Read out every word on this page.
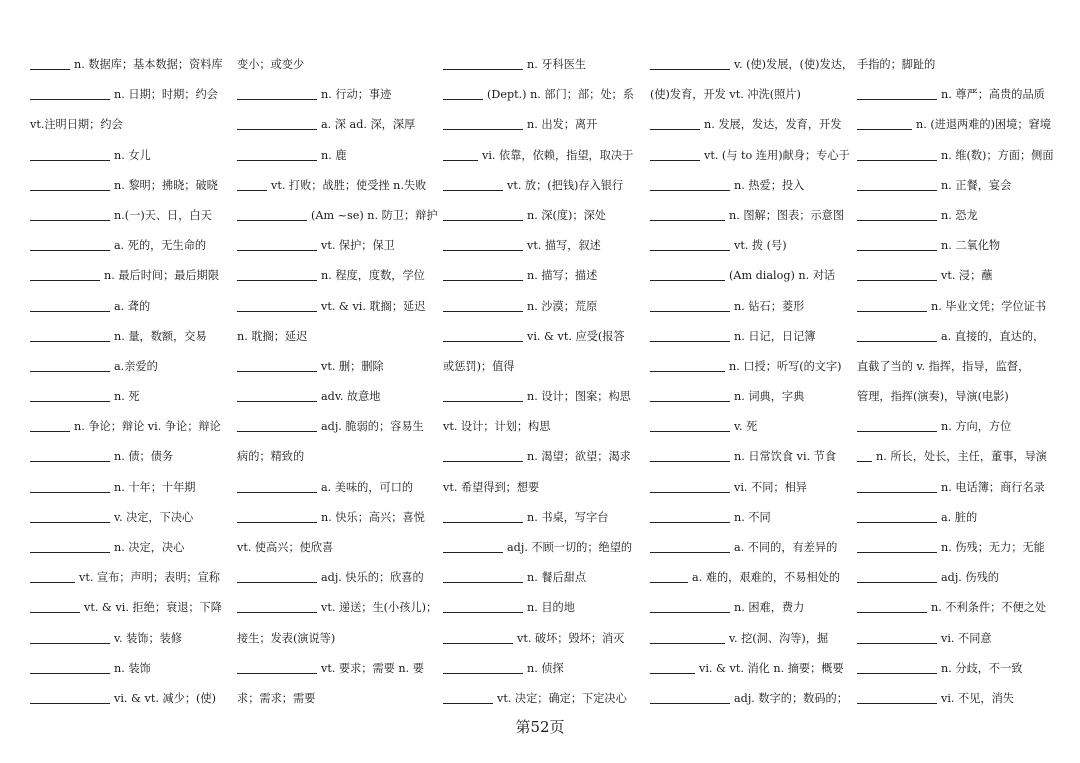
n. 数据库；基本数据；资料库
n. 日期；时期；约会
vt.注明日期；约会
n. 女儿
n. 黎明；拂晓；破晓
n.(一)天、日，白天
a. 死的，无生命的
n. 最后时间；最后期限
a. 聋的
n. 量，数额，交易
a.亲爱的
n. 死
n. 争论；辩论 vi. 争论；辩论
n. 债；债务
n. 十年；十年期
v. 决定，下决心
n. 决定，决心
vt. 宣布；声明；表明；宣称
vt. & vi. 拒绝；衰退；下降
v. 装饰；装修
n. 装饰
vi. & vt. 减少；(使)
变小；或变少
n. 行动；事迹
a. 深 ad. 深，深厚
n. 鹿
vt. 打败；战胜；使受挫 n.失败
(Am ~se) n. 防卫；辩护
vt. 保护；保卫
n. 程度，度数，学位
vt. & vi. 耽搁；延迟
n. 耽搁；延迟
vt. 删；删除
adv. 故意地
adj. 脆弱的；容易生
病的；精致的
a. 美味的，可口的
n. 快乐；高兴；喜悦
vt. 使高兴；使欣喜
adj. 快乐的；欣喜的
vt. 递送；生(小孩儿)；
接生；发表(演说等)
vt. 要求；需要 n. 要
求；需求；需要
n. 牙科医生
(Dept.) n. 部门；部；处；系
n. 出发；离开
vi. 依靠，依赖，指望，取决于
vt. 放；(把钱)存入银行
n. 深(度)；深处
vt. 描写，叙述
n. 描写；描述
n. 沙漠；荒原
vi. & vt. 应受(报答
或惩罚)；值得
n. 设计；图案；构思
vt. 设计；计划；构思
n. 渴望；欲望；渴求
vt. 希望得到；想要
n. 书桌，写字台
adj. 不顾一切的；绝望的
n. 餐后甜点
n. 目的地
vt. 破坏；毁坏；消灭
n. 侦探
vt. 决定；确定；下定决心
v. (使)发展，(使)发达，
(使)发育，开发 vt. 冲洗(照片)
n. 发展，发达，发育，开发
vt. (与 to 连用)献身；专心于
n. 热爱；投入
n. 图解；图表；示意图
vt. 拨 (号)
(Am dialog) n. 对话
n. 钻石；菱形
n. 日记，日记簿
n. 口授；听写(的文字)
n. 词典，字典
v. 死
n. 日常饮食 vi. 节食
vi. 不同；相异
n. 不同
a. 不同的，有差异的
a. 难的，艰难的，不易相处的
n. 困难，费力
v. 挖(洞、沟等)，掘
vi. & vt. 消化 n. 摘要；概要
adj. 数字的；数码的；
手指的；脚趾的
n. 尊严；高贵的品质
n. (进退两难的)困境；窘境
n. 维(数)；方面；侧面
n. 正餐，宴会
n. 恐龙
n. 二氧化物
vt. 浸；蘸
n. 毕业文凭；学位证书
a. 直接的，直达的，
直截了当的 v. 指挥，指导，监督，
管理，指挥(演奏)，导演(电影)
n. 方向，方位
n. 所长，处长，主任，董事，导演
n. 电话簿；商行名录
a. 脏的
n. 伤残；无力；无能
adj. 伤残的
n. 不利条件；不便之处
vi. 不同意
n. 分歧，不一致
vi. 不见，消失
第52页
